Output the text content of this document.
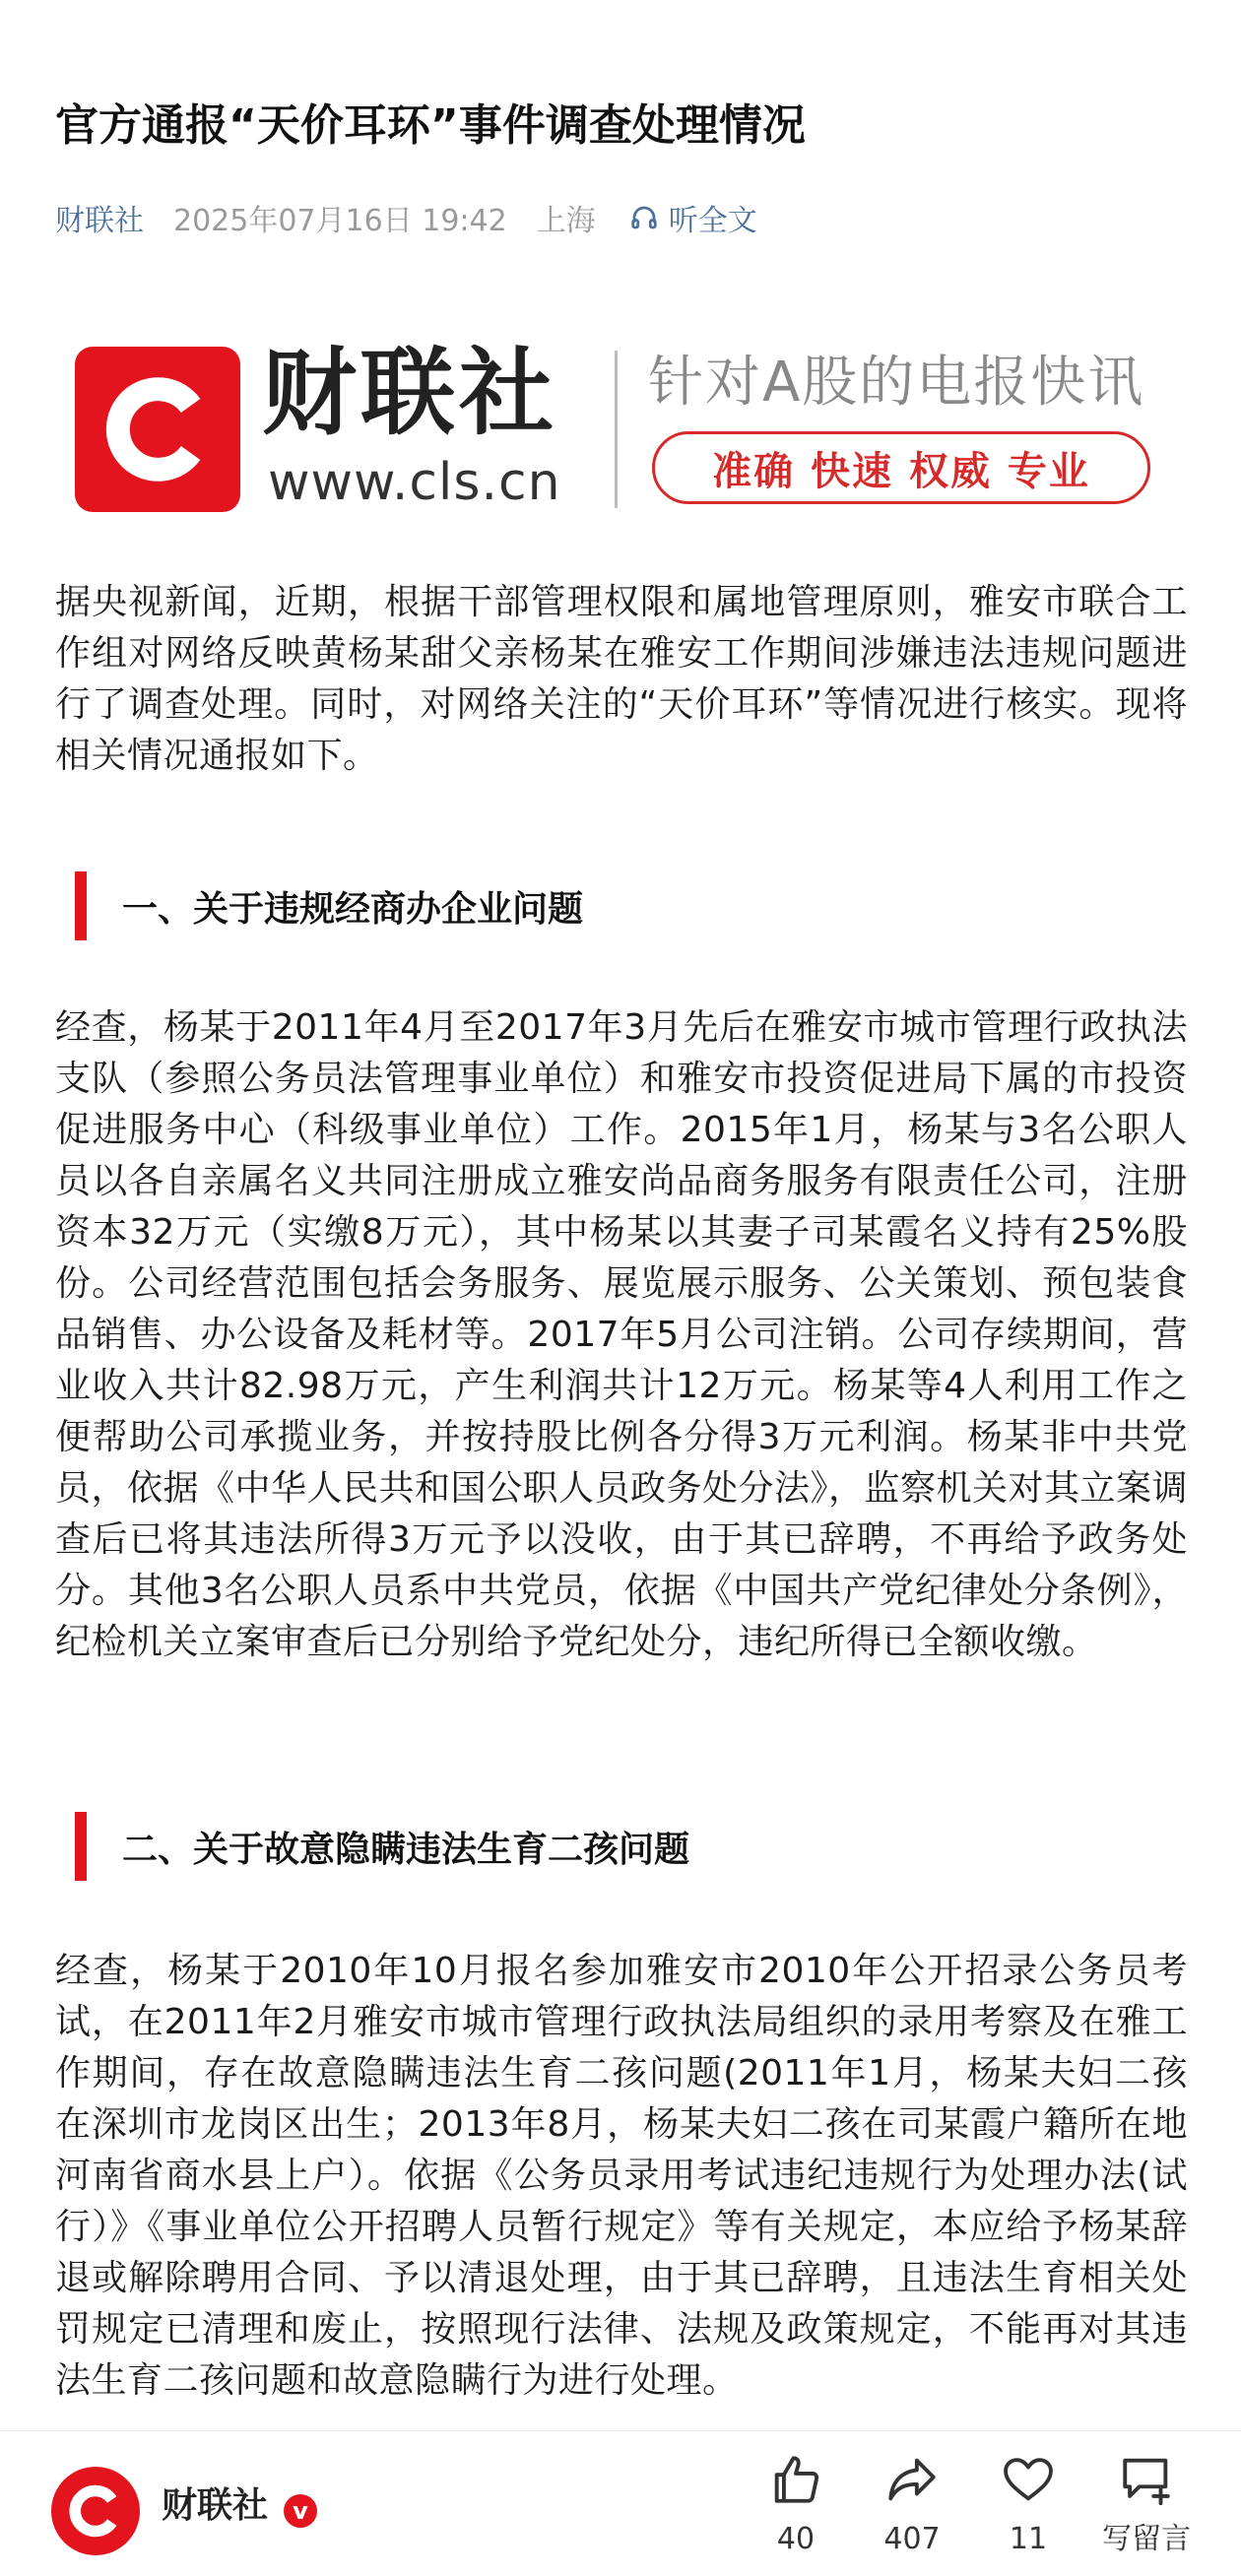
官方通报“天价耳环”事件调查处理情况
财联社 2025年07月16日 19:42 上海 听全文
财联社
www.cls.cn
针对A股的电报快讯
准确 快速 权威 专业

据央视新闻，近期，根据干部管理权限和属地管理原则，雅安市联合工作组对网络反映黄杨某甜父亲杨某在雅安工作期间涉嫌违法违规问题进行了调查处理。同时，对网络关注的“天价耳环”等情况进行核实。现将相关情况通报如下。

一、关于违规经商办企业问题

经查，杨某于2011年4月至2017年3月先后在雅安市城市管理行政执法支队（参照公务员法管理事业单位）和雅安市投资促进局下属的市投资促进服务中心（科级事业单位）工作。2015年1月，杨某与3名公职人员以各自亲属名义共同注册成立雅安尚品商务服务有限责任公司，注册资本32万元（实缴8万元），其中杨某以其妻子司某霞名义持有25%股份。公司经营范围包括会务服务、展览展示服务、公关策划、预包装食品销售、办公设备及耗材等。2017年5月公司注销。公司存续期间，营业收入共计82.98万元，产生利润共计12万元。杨某等4人利用工作之便帮助公司承揽业务，并按持股比例各分得3万元利润。杨某非中共党员，依据《中华人民共和国公职人员政务处分法》，监察机关对其立案调查后已将其违法所得3万元予以没收，由于其已辞聘，不再给予政务处分。其他3名公职人员系中共党员，依据《中国共产党纪律处分条例》，纪检机关立案审查后已分别给予党纪处分，违纪所得已全额收缴。

二、关于故意隐瞒违法生育二孩问题

经查，杨某于2010年10月报名参加雅安市2010年公开招录公务员考试，在2011年2月雅安市城市管理行政执法局组织的录用考察及在雅工作期间，存在故意隐瞒违法生育二孩问题(2011年1月，杨某夫妇二孩在深圳市龙岗区出生；2013年8月，杨某夫妇二孩在司某霞户籍所在地河南省商水县上户）。依据《公务员录用考试违纪违规行为处理办法(试行）》《事业单位公开招聘人员暂行规定》等有关规定，本应给予杨某辞退或解除聘用合同、予以清退处理，由于其已辞聘，且违法生育相关处罚规定已清理和废止，按照现行法律、法规及政策规定，不能再对其违法生育二孩问题和故意隐瞒行为进行处理。

财联社	v
40 407 11 写留言
